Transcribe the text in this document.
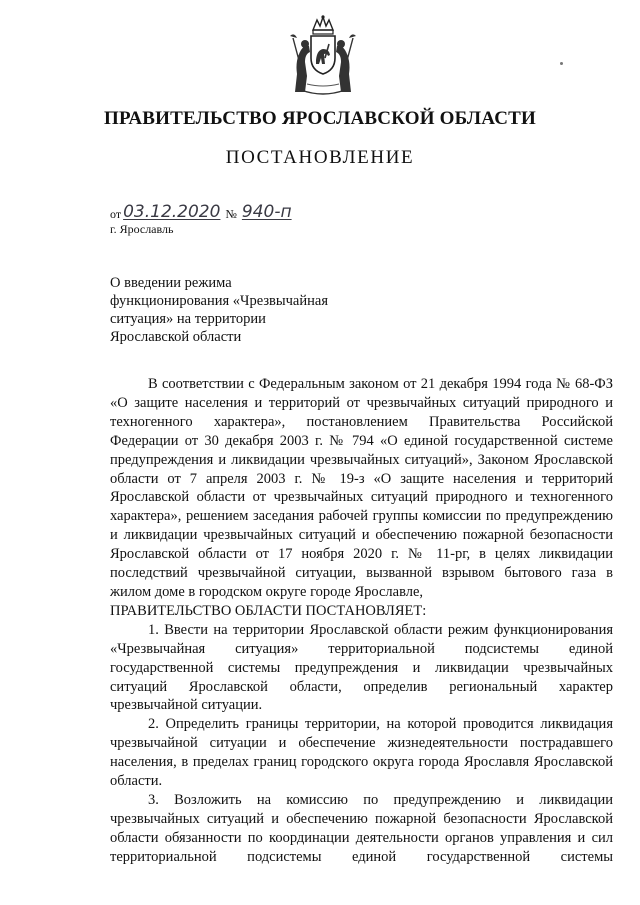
ПРАВИТЕЛЬСТВО ЯРОСЛАВСКОЙ ОБЛАСТИ
ПОСТАНОВЛЕНИЕ
от 03.12.2020 № 940-п
г. Ярославль
О введении режима
функционирования «Чрезвычайная
ситуация» на территории
Ярославской области

В соответствии с Федеральным законом от 21 декабря 1994 года № 68-ФЗ «О защите населения и территорий от чрезвычайных ситуаций природного и техногенного характера», постановлением Правительства Российской Федерации от 30 декабря 2003 г. № 794 «О единой государственной системе предупреждения и ликвидации чрезвычайных ситуаций», Законом Ярославской области от 7 апреля 2003 г. № 19-з «О защите населения и территорий Ярославской области от чрезвычайных ситуаций природного и техногенного характера», решением заседания рабочей группы комиссии по предупреждению и ликвидации чрезвычайных ситуаций и обеспечению пожарной безопасности Ярославской области от 17 ноября 2020 г. № 11-рг, в целях ликвидации последствий чрезвычайной ситуации, вызванной взрывом бытового газа в жилом доме в городском округе городе Ярославле,

ПРАВИТЕЛЬСТВО ОБЛАСТИ ПОСТАНОВЛЯЕТ:

1. Ввести на территории Ярославской области режим функционирования «Чрезвычайная ситуация» территориальной подсистемы единой государственной системы предупреждения и ликвидации чрезвычайных ситуаций Ярославской области, определив региональный характер чрезвычайной ситуации.

2. Определить границы территории, на которой проводится ликвидация чрезвычайной ситуации и обеспечение жизнедеятельности пострадавшего населения, в пределах границ городского округа города Ярославля Ярославской области.

3. Возложить на комиссию по предупреждению и ликвидации чрезвычайных ситуаций и обеспечению пожарной безопасности Ярославской области обязанности по координации деятельности органов управления и сил территориальной подсистемы единой государственной системы
